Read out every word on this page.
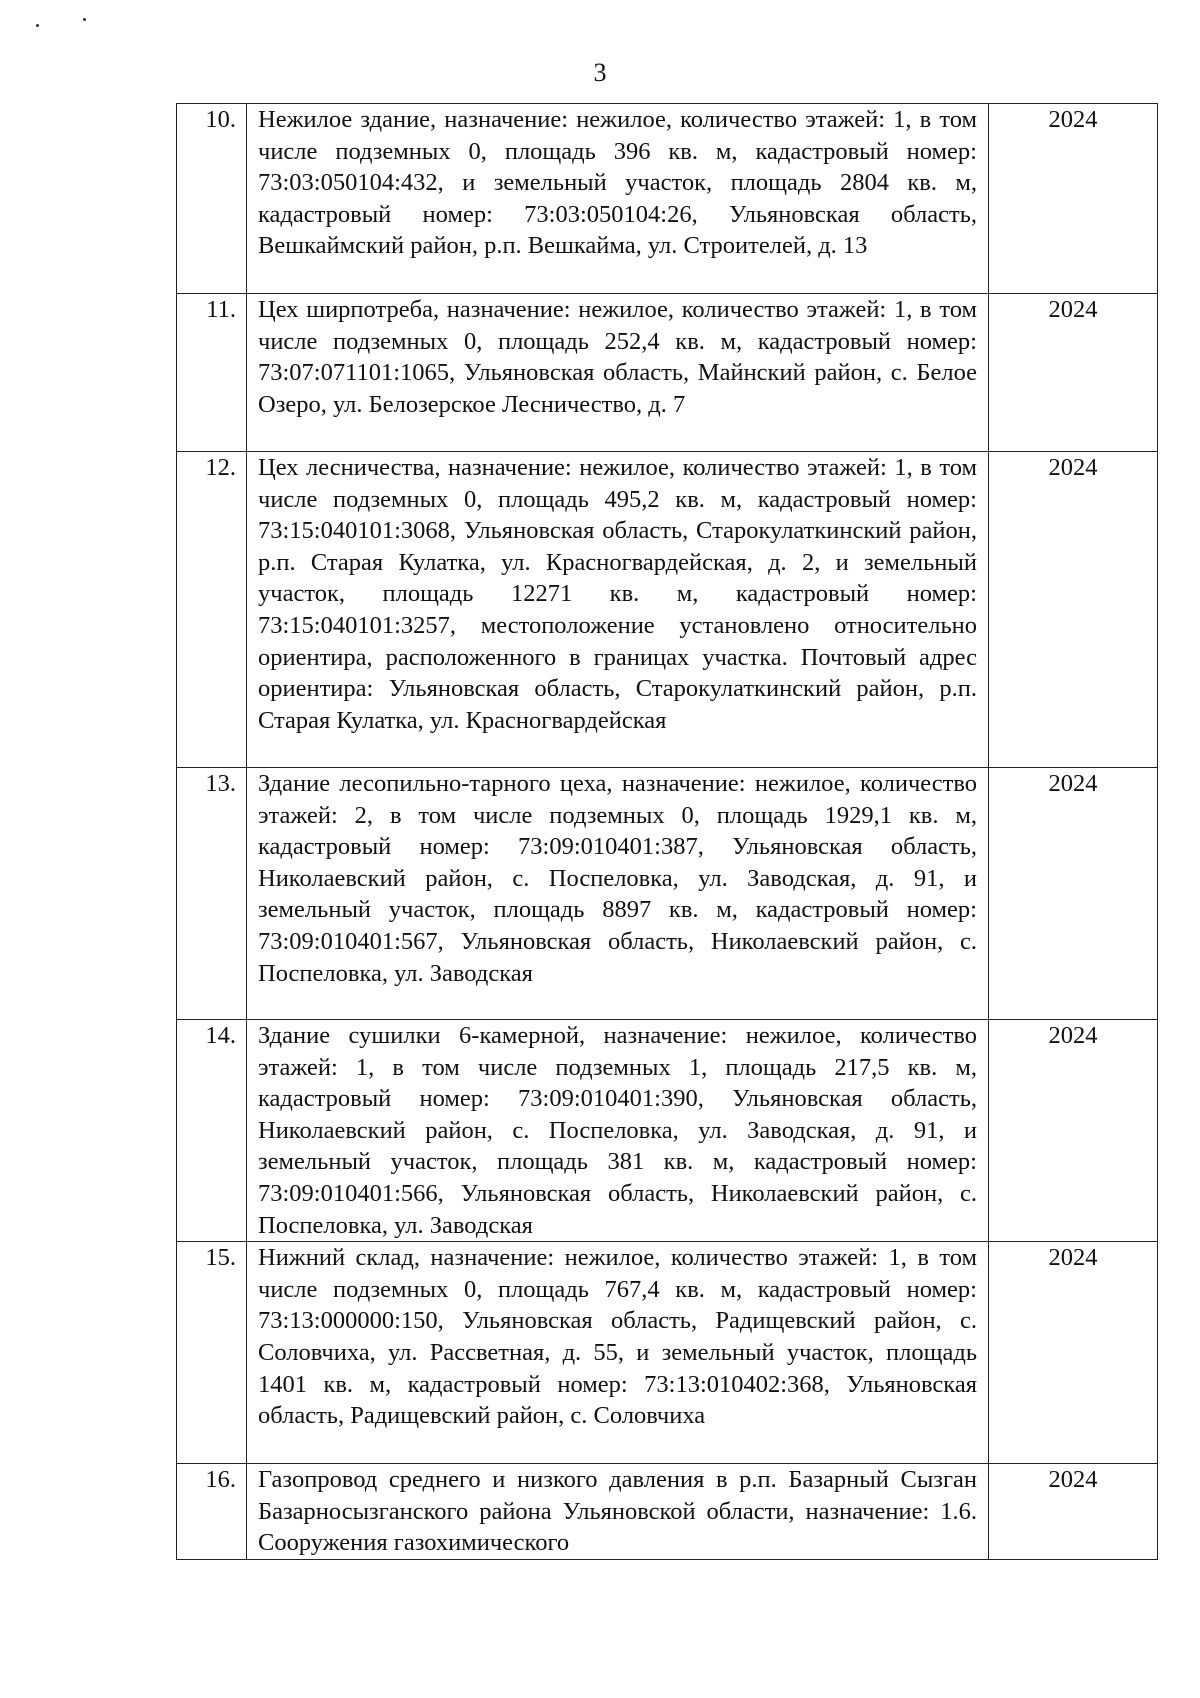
3
10.	Нежилое здание, назначение: нежилое, количество этажей: 1, в том числе подземных 0, площадь 396 кв. м, кадастровый номер: 73:03:050104:432, и земельный участок, площадь 2804 кв. м, кадастровый номер: 73:03:050104:26, Ульяновская область, Вешкаймский район, р.п. Вешкайма, ул. Строителей, д. 13	2024
11.	Цех ширпотреба, назначение: нежилое, количество этажей: 1, в том числе подземных 0, площадь 252,4 кв. м, кадастровый номер: 73:07:071101:1065, Ульяновская область, Майнский район, с. Белое Озеро, ул. Белозерское Лесничество, д. 7	2024
12.	Цех лесничества, назначение: нежилое, количество этажей: 1, в том числе подземных 0, площадь 495,2 кв. м, кадастровый номер: 73:15:040101:3068, Ульяновская область, Старокулаткинский район, р.п. Старая Кулатка, ул. Красногвардейская, д. 2, и земельный участок, площадь 12271 кв. м, кадастровый номер: 73:15:040101:3257, местоположение установлено относительно ориентира, расположенного в границах участка. Почтовый адрес ориентира: Ульяновская область, Старокулаткинский район, р.п. Старая Кулатка, ул. Красногвардейская	2024
13.	Здание лесопильно-тарного цеха, назначение: нежилое, количество этажей: 2, в том числе подземных 0, площадь 1929,1 кв. м, кадастровый номер: 73:09:010401:387, Ульяновская область, Николаевский район, с. Поспеловка, ул. Заводская, д. 91, и земельный участок, площадь 8897 кв. м, кадастровый номер: 73:09:010401:567, Ульяновская область, Николаевский район, с. Поспеловка, ул. Заводская	2024
14.	Здание сушилки 6-камерной, назначение: нежилое, количество этажей: 1, в том числе подземных 1, площадь 217,5 кв. м, кадастровый номер: 73:09:010401:390, Ульяновская область, Николаевский район, с. Поспеловка, ул. Заводская, д. 91, и земельный участок, площадь 381 кв. м, кадастровый номер: 73:09:010401:566, Ульяновская область, Николаевский район, с. Поспеловка, ул. Заводская	2024
15.	Нижний склад, назначение: нежилое, количество этажей: 1, в том числе подземных 0, площадь 767,4 кв. м, кадастровый номер: 73:13:000000:150, Ульяновская область, Радищевский район, с. Соловчиха, ул. Рассветная, д. 55, и земельный участок, площадь 1401 кв. м, кадастровый номер: 73:13:010402:368, Ульяновская область, Радищевский район, с. Соловчиха	2024
16.	Газопровод среднего и низкого давления в р.п. Базарный Сызган Базарносызганского района Ульяновской области, назначение: 1.6. Сооружения газохимического	2024
